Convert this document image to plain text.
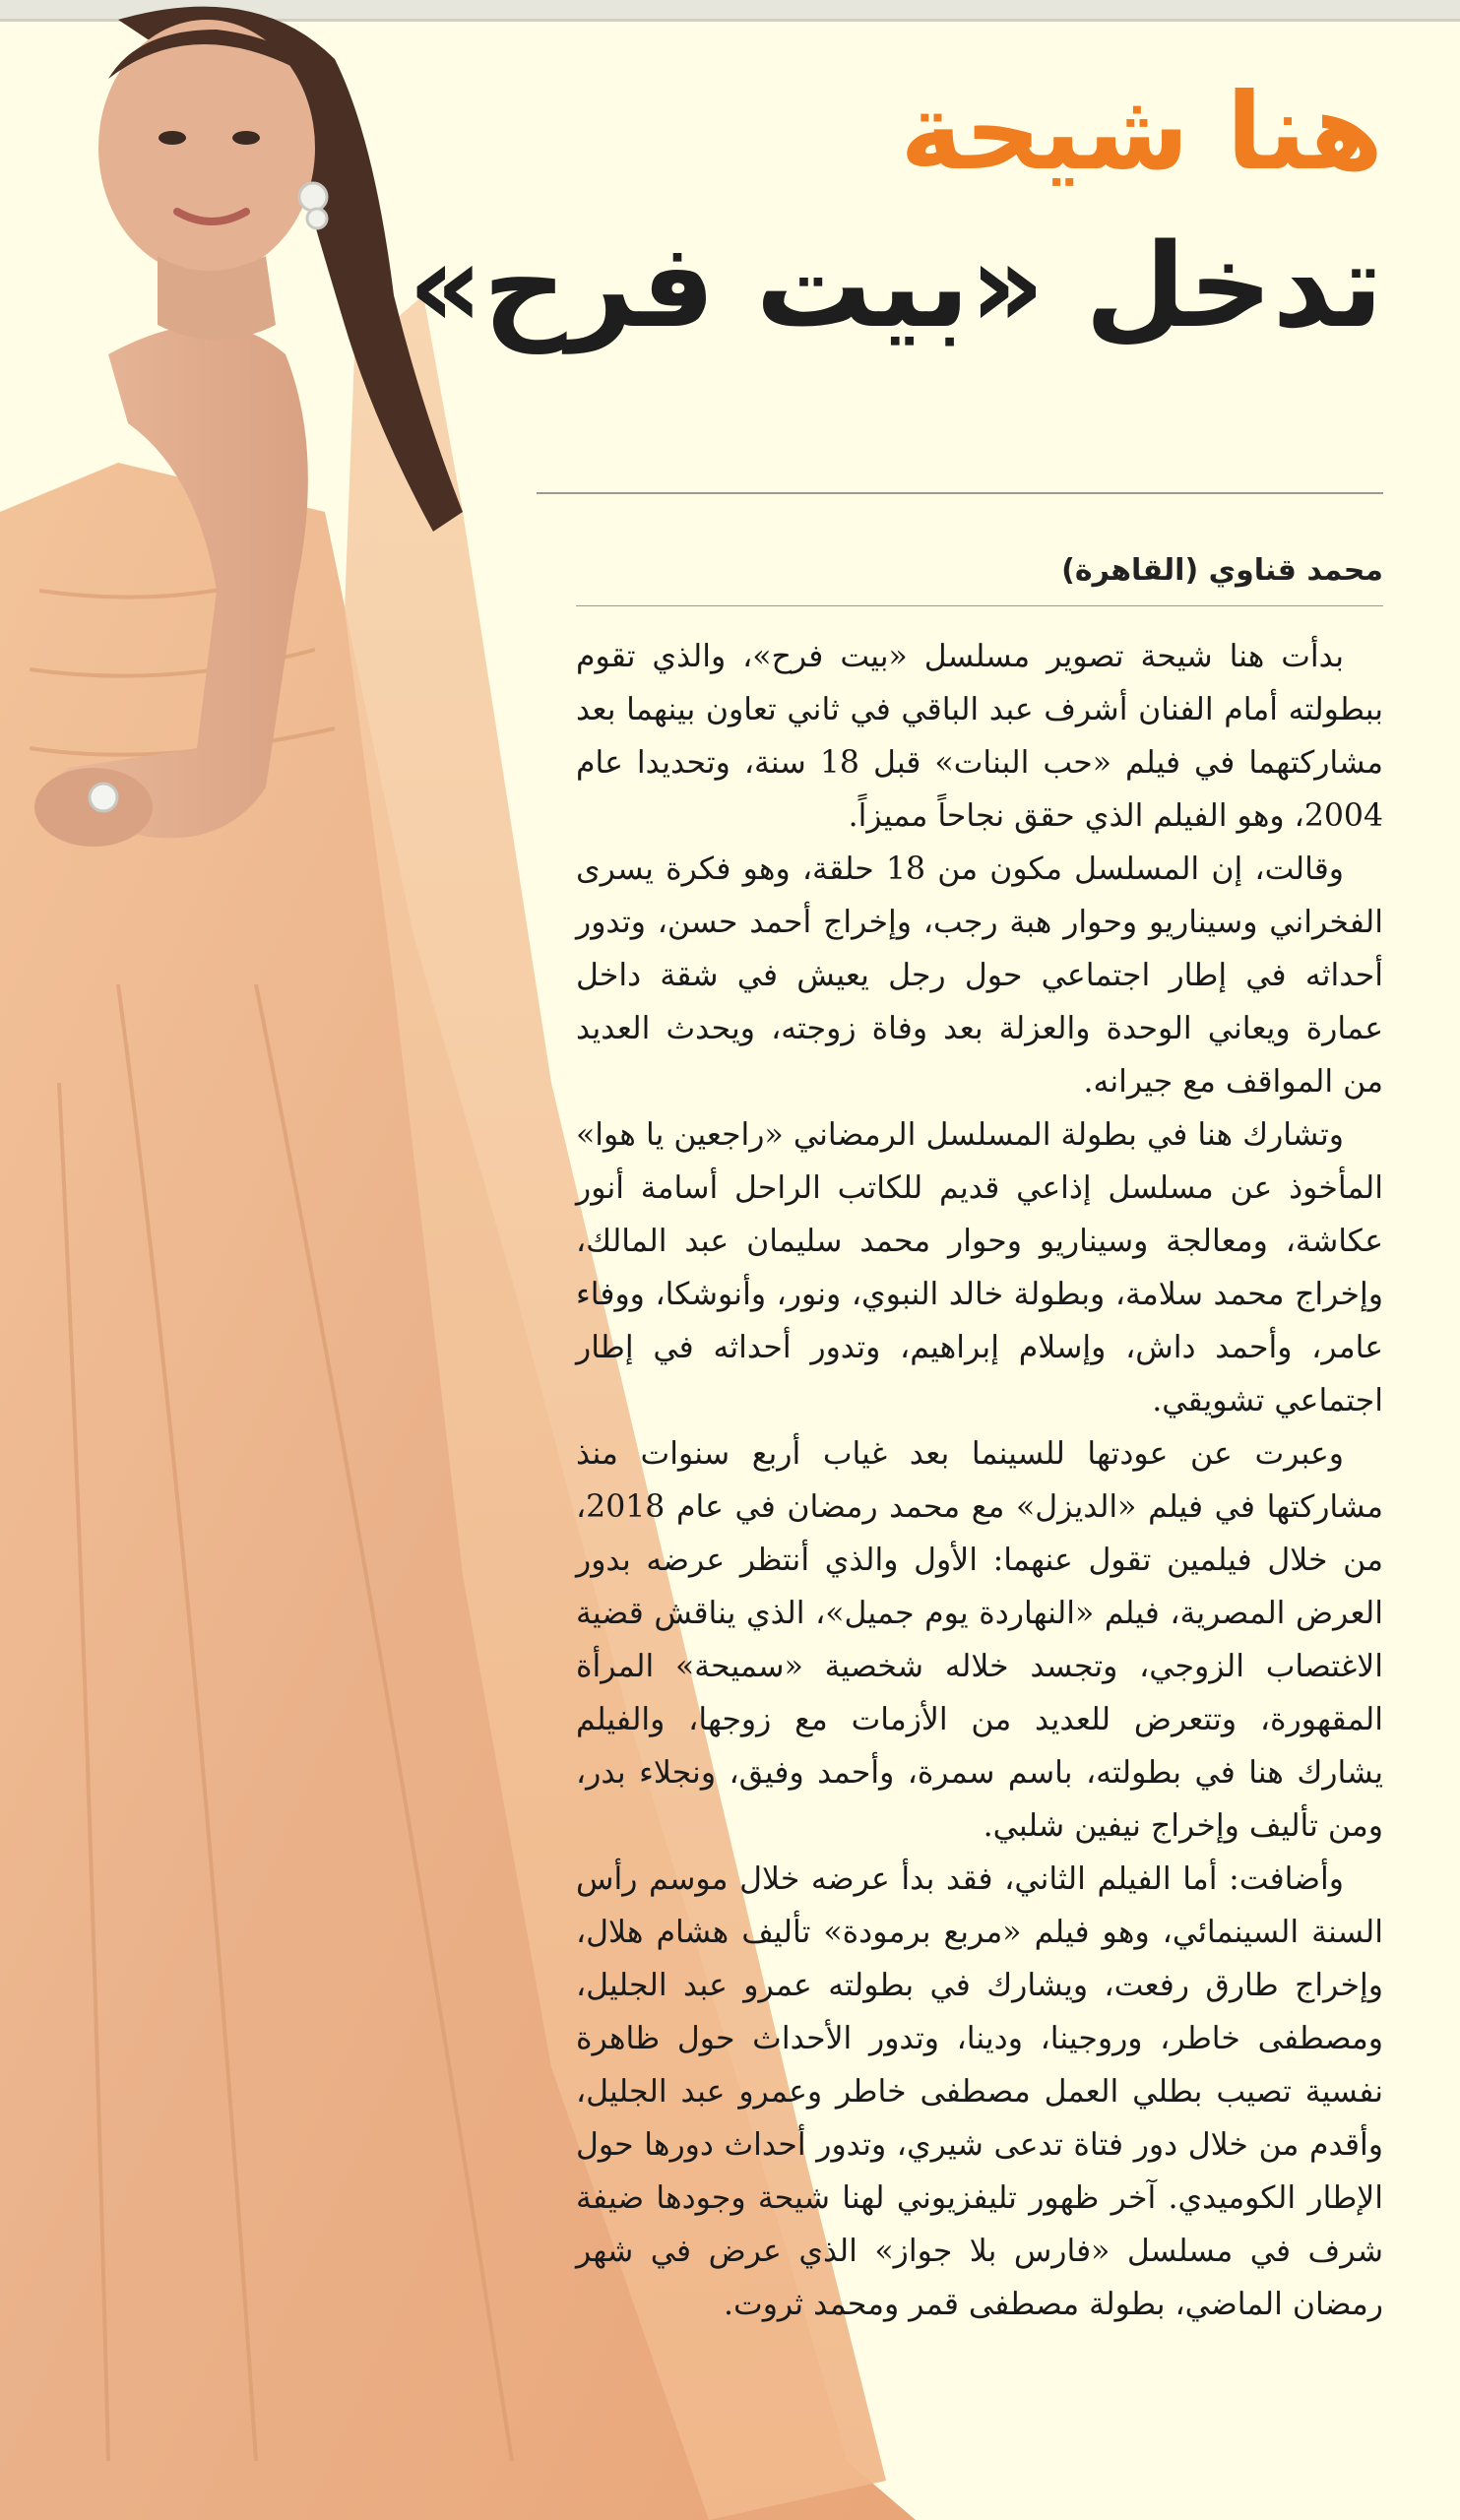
هنا شيحة
تدخل «بيت فرح»
محمد قناوي (القاهرة)

بدأت هنا شيحة تصوير مسلسل «بيت فرح»، والذي تقوم ببطولته أمام الفنان أشرف عبد الباقي في ثاني تعاون بينهما بعد مشاركتهما في فيلم «حب البنات» قبل 18 سنة، وتحديدا عام 2004، وهو الفيلم الذي حقق نجاحاً مميزاً.

وقالت، إن المسلسل مكون من 18 حلقة، وهو فكرة يسرى الفخراني وسيناريو وحوار هبة رجب، وإخراج أحمد حسن، وتدور أحداثه في إطار اجتماعي حول رجل يعيش في شقة داخل عمارة ويعاني الوحدة والعزلة بعد وفاة زوجته، ويحدث العديد من المواقف مع جيرانه.

وتشارك هنا في بطولة المسلسل الرمضاني «راجعين يا هوا» المأخوذ عن مسلسل إذاعي قديم للكاتب الراحل أسامة أنور عكاشة، ومعالجة وسيناريو وحوار محمد سليمان عبد المالك، وإخراج محمد سلامة، وبطولة خالد النبوي، ونور، وأنوشكا، ووفاء عامر، وأحمد داش، وإسلام إبراهيم، وتدور أحداثه في إطار اجتماعي تشويقي.

وعبرت عن عودتها للسينما بعد غياب أربع سنوات منذ مشاركتها في فيلم «الديزل» مع محمد رمضان في عام 2018، من خلال فيلمين تقول عنهما: الأول والذي أنتظر عرضه بدور العرض المصرية، فيلم «النهاردة يوم جميل»، الذي يناقش قضية الاغتصاب الزوجي، وتجسد خلاله شخصية «سميحة» المرأة المقهورة، وتتعرض للعديد من الأزمات مع زوجها، والفيلم يشارك هنا في بطولته، باسم سمرة، وأحمد وفيق، ونجلاء بدر، ومن تأليف وإخراج نيفين شلبي.

وأضافت: أما الفيلم الثاني، فقد بدأ عرضه خلال موسم رأس السنة السينمائي، وهو فيلم «مربع برمودة» تأليف هشام هلال، وإخراج طارق رفعت، ويشارك في بطولته عمرو عبد الجليل، ومصطفى خاطر، وروجينا، ودينا، وتدور الأحداث حول ظاهرة نفسية تصيب بطلي العمل مصطفى خاطر وعمرو عبد الجليل، وأقدم من خلال دور فتاة تدعى شيري، وتدور أحداث دورها حول الإطار الكوميدي. آخر ظهور تليفزيوني لهنا شيحة وجودها ضيفة شرف في مسلسل «فارس بلا جواز» الذي عرض في شهر رمضان الماضي، بطولة مصطفى قمر ومحمد ثروت.
